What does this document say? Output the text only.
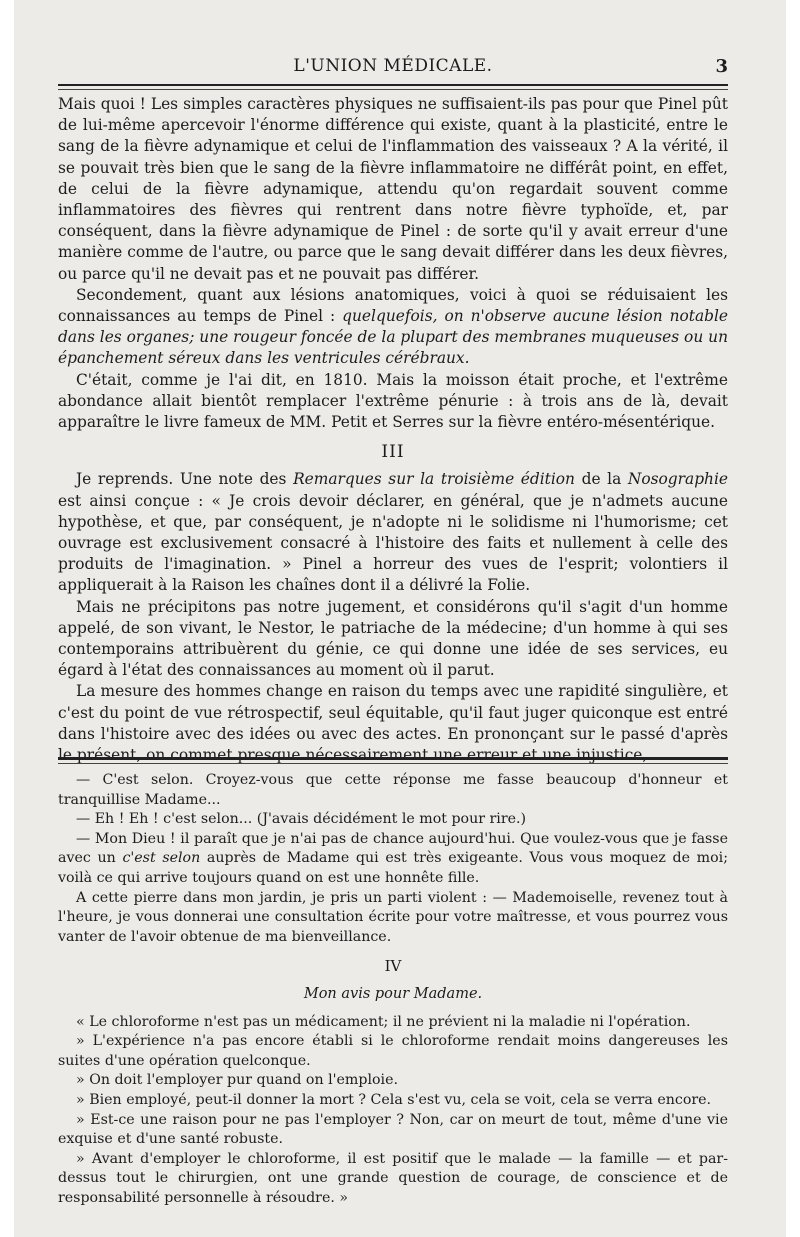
L'UNION MÉDICALE.	3

Mais quoi ! Les simples caractères physiques ne suffisaient-ils pas pour que Pinel pût de lui-même apercevoir l'énorme différence qui existe, quant à la plasticité, entre le sang de la fièvre adynamique et celui de l'inflammation des vaisseaux ? A la vérité, il se pouvait très bien que le sang de la fièvre inflammatoire ne différât point, en effet, de celui de la fièvre adynamique, attendu qu'on regardait souvent comme inflammatoires des fièvres qui rentrent dans notre fièvre typhoïde, et, par conséquent, dans la fièvre adynamique de Pinel : de sorte qu'il y avait erreur d'une manière comme de l'autre, ou parce que le sang devait différer dans les deux fièvres, ou parce qu'il ne devait pas et ne pouvait pas différer.

Secondement, quant aux lésions anatomiques, voici à quoi se réduisaient les connaissances au temps de Pinel : quelquefois, on n'observe aucune lésion notable dans les organes; une rougeur foncée de la plupart des membranes muqueuses ou un épanchement séreux dans les ventricules cérébraux.

C'était, comme je l'ai dit, en 1810. Mais la moisson était proche, et l'extrême abondance allait bientôt remplacer l'extrême pénurie : à trois ans de là, devait apparaître le livre fameux de MM. Petit et Serres sur la fièvre entéro-mésentérique.

III

Je reprends. Une note des Remarques sur la troisième édition de la Nosographie est ainsi conçue : « Je crois devoir déclarer, en général, que je n'admets aucune hypothèse, et que, par conséquent, je n'adopte ni le solidisme ni l'humorisme; cet ouvrage est exclusivement consacré à l'histoire des faits et nullement à celle des produits de l'imagination. » Pinel a horreur des vues de l'esprit; volontiers il appliquerait à la Raison les chaînes dont il a délivré la Folie.

Mais ne précipitons pas notre jugement, et considérons qu'il s'agit d'un homme appelé, de son vivant, le Nestor, le patriache de la médecine; d'un homme à qui ses contemporains attribuèrent du génie, ce qui donne une idée de ses services, eu égard à l'état des connaissances au moment où il parut.

La mesure des hommes change en raison du temps avec une rapidité singulière, et c'est du point de vue rétrospectif, seul équitable, qu'il faut juger quiconque est entré dans l'histoire avec des idées ou avec des actes. En prononçant sur le passé d'après le présent, on commet presque nécessairement une erreur et une injustice,

— C'est selon. Croyez-vous que cette réponse me fasse beaucoup d'honneur et tranquillise Madame...

— Eh ! Eh ! c'est selon... (J'avais décidément le mot pour rire.)

— Mon Dieu ! il paraît que je n'ai pas de chance aujourd'hui. Que voulez-vous que je fasse avec un c'est selon auprès de Madame qui est très exigeante. Vous vous moquez de moi; voilà ce qui arrive toujours quand on est une honnête fille.

A cette pierre dans mon jardin, je pris un parti violent : — Mademoiselle, revenez tout à l'heure, je vous donnerai une consultation écrite pour votre maîtresse, et vous pourrez vous vanter de l'avoir obtenue de ma bienveillance.

IV
Mon avis pour Madame.

« Le chloroforme n'est pas un médicament; il ne prévient ni la maladie ni l'opération.

» L'expérience n'a pas encore établi si le chloroforme rendait moins dangereuses les suites d'une opération quelconque.

» On doit l'employer pur quand on l'emploie.

» Bien employé, peut-il donner la mort ? Cela s'est vu, cela se voit, cela se verra encore.

» Est-ce une raison pour ne pas l'employer ? Non, car on meurt de tout, même d'une vie exquise et d'une santé robuste.

» Avant d'employer le chloroforme, il est positif que le malade — la famille — et par-dessus tout le chirurgien, ont une grande question de courage, de conscience et de responsabilité personnelle à résoudre. »
